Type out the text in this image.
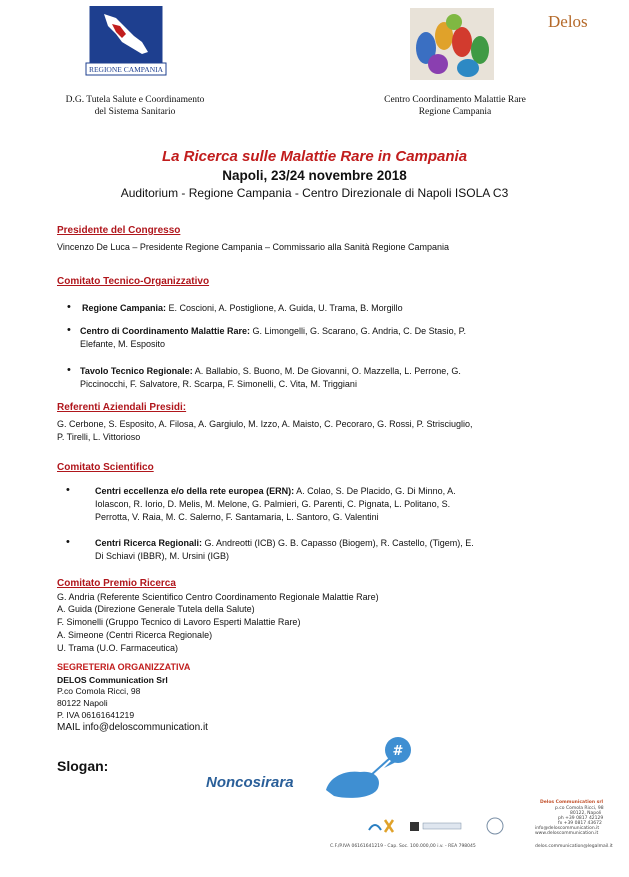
REGIONE CAMPANIA
Delos
D.G. Tutela Salute e Coordinamento
del Sistema Sanitario
Centro Coordinamento Malattie Rare
Regione Campania
La Ricerca sulle Malattie Rare in Campania
Napoli, 23/24 novembre 2018
Auditorium - Regione Campania - Centro Direzionale di Napoli ISOLA C3
Presidente del Congresso
Vincenzo De Luca – Presidente Regione Campania – Commissario alla Sanità Regione Campania
Comitato Tecnico-Organizzativo
• Regione Campania: E. Coscioni, A. Postiglione, A. Guida, U. Trama, B. Morgillo
• Centro di Coordinamento Malattie Rare: G. Limongelli, G. Scarano, G. Andria, C. De Stasio, P.
Elefante, M. Esposito
• Tavolo Tecnico Regionale: A. Ballabio, S. Buono, M. De Giovanni, O. Mazzella, L. Perrone, G.
Piccinocchi, F. Salvatore, R. Scarpa, F. Simonelli, C. Vita, M. Triggiani
Referenti Aziendali Presidi:
G. Cerbone, S. Esposito, A. Filosa, A. Gargiulo, M. Izzo, A. Maisto, C. Pecoraro, G. Rossi, P. Strisciuglio,
P. Tirelli, L. Vittorioso
Comitato Scientifico
•	Centri eccellenza e/o della rete europea (ERN): A. Colao, S. De Placido, G. Di Minno, A.
Iolascon, R. Iorio, D. Melis, M. Melone, G. Palmieri, G. Parenti, C. Pignata, L. Politano, S.
Perrotta, V. Raia, M. C. Salerno, F. Santamaria, L. Santoro, G. Valentini
•	Centri Ricerca Regionali: G. Andreotti (ICB) G. B. Capasso (Biogem), R. Castello, (Tigem), E.
Di Schiavi (IBBR), M. Ursini (IGB)
Comitato Premio Ricerca
G. Andria (Referente Scientifico Centro Coordinamento Regionale Malattie Rare)
A. Guida (Direzione Generale Tutela della Salute)
F. Simonelli (Gruppo Tecnico di Lavoro Esperti Malattie Rare)
A. Simeone (Centri Ricerca Regionale)
U. Trama (U.O. Farmaceutica)
SEGRETERIA ORGANIZZATIVA
DELOS Communication Srl
P.co Comola Ricci, 98
80122 Napoli
P. IVA 06161641219
MAIL info@deloscommunication.it
Slogan:
Noncosirara
#
Delos Communication srl
p.co Comola Ricci, 98
80122, Napoli
ph +39 0817 42129
fx +39 0817 43672
info@deloscommunication.it
www.deloscommunication.it
C.F./P.IVA 06161641219 - Cap. Soc. 100.000,00 i.v. - REA 798045	delos.communication@legalmail.it
